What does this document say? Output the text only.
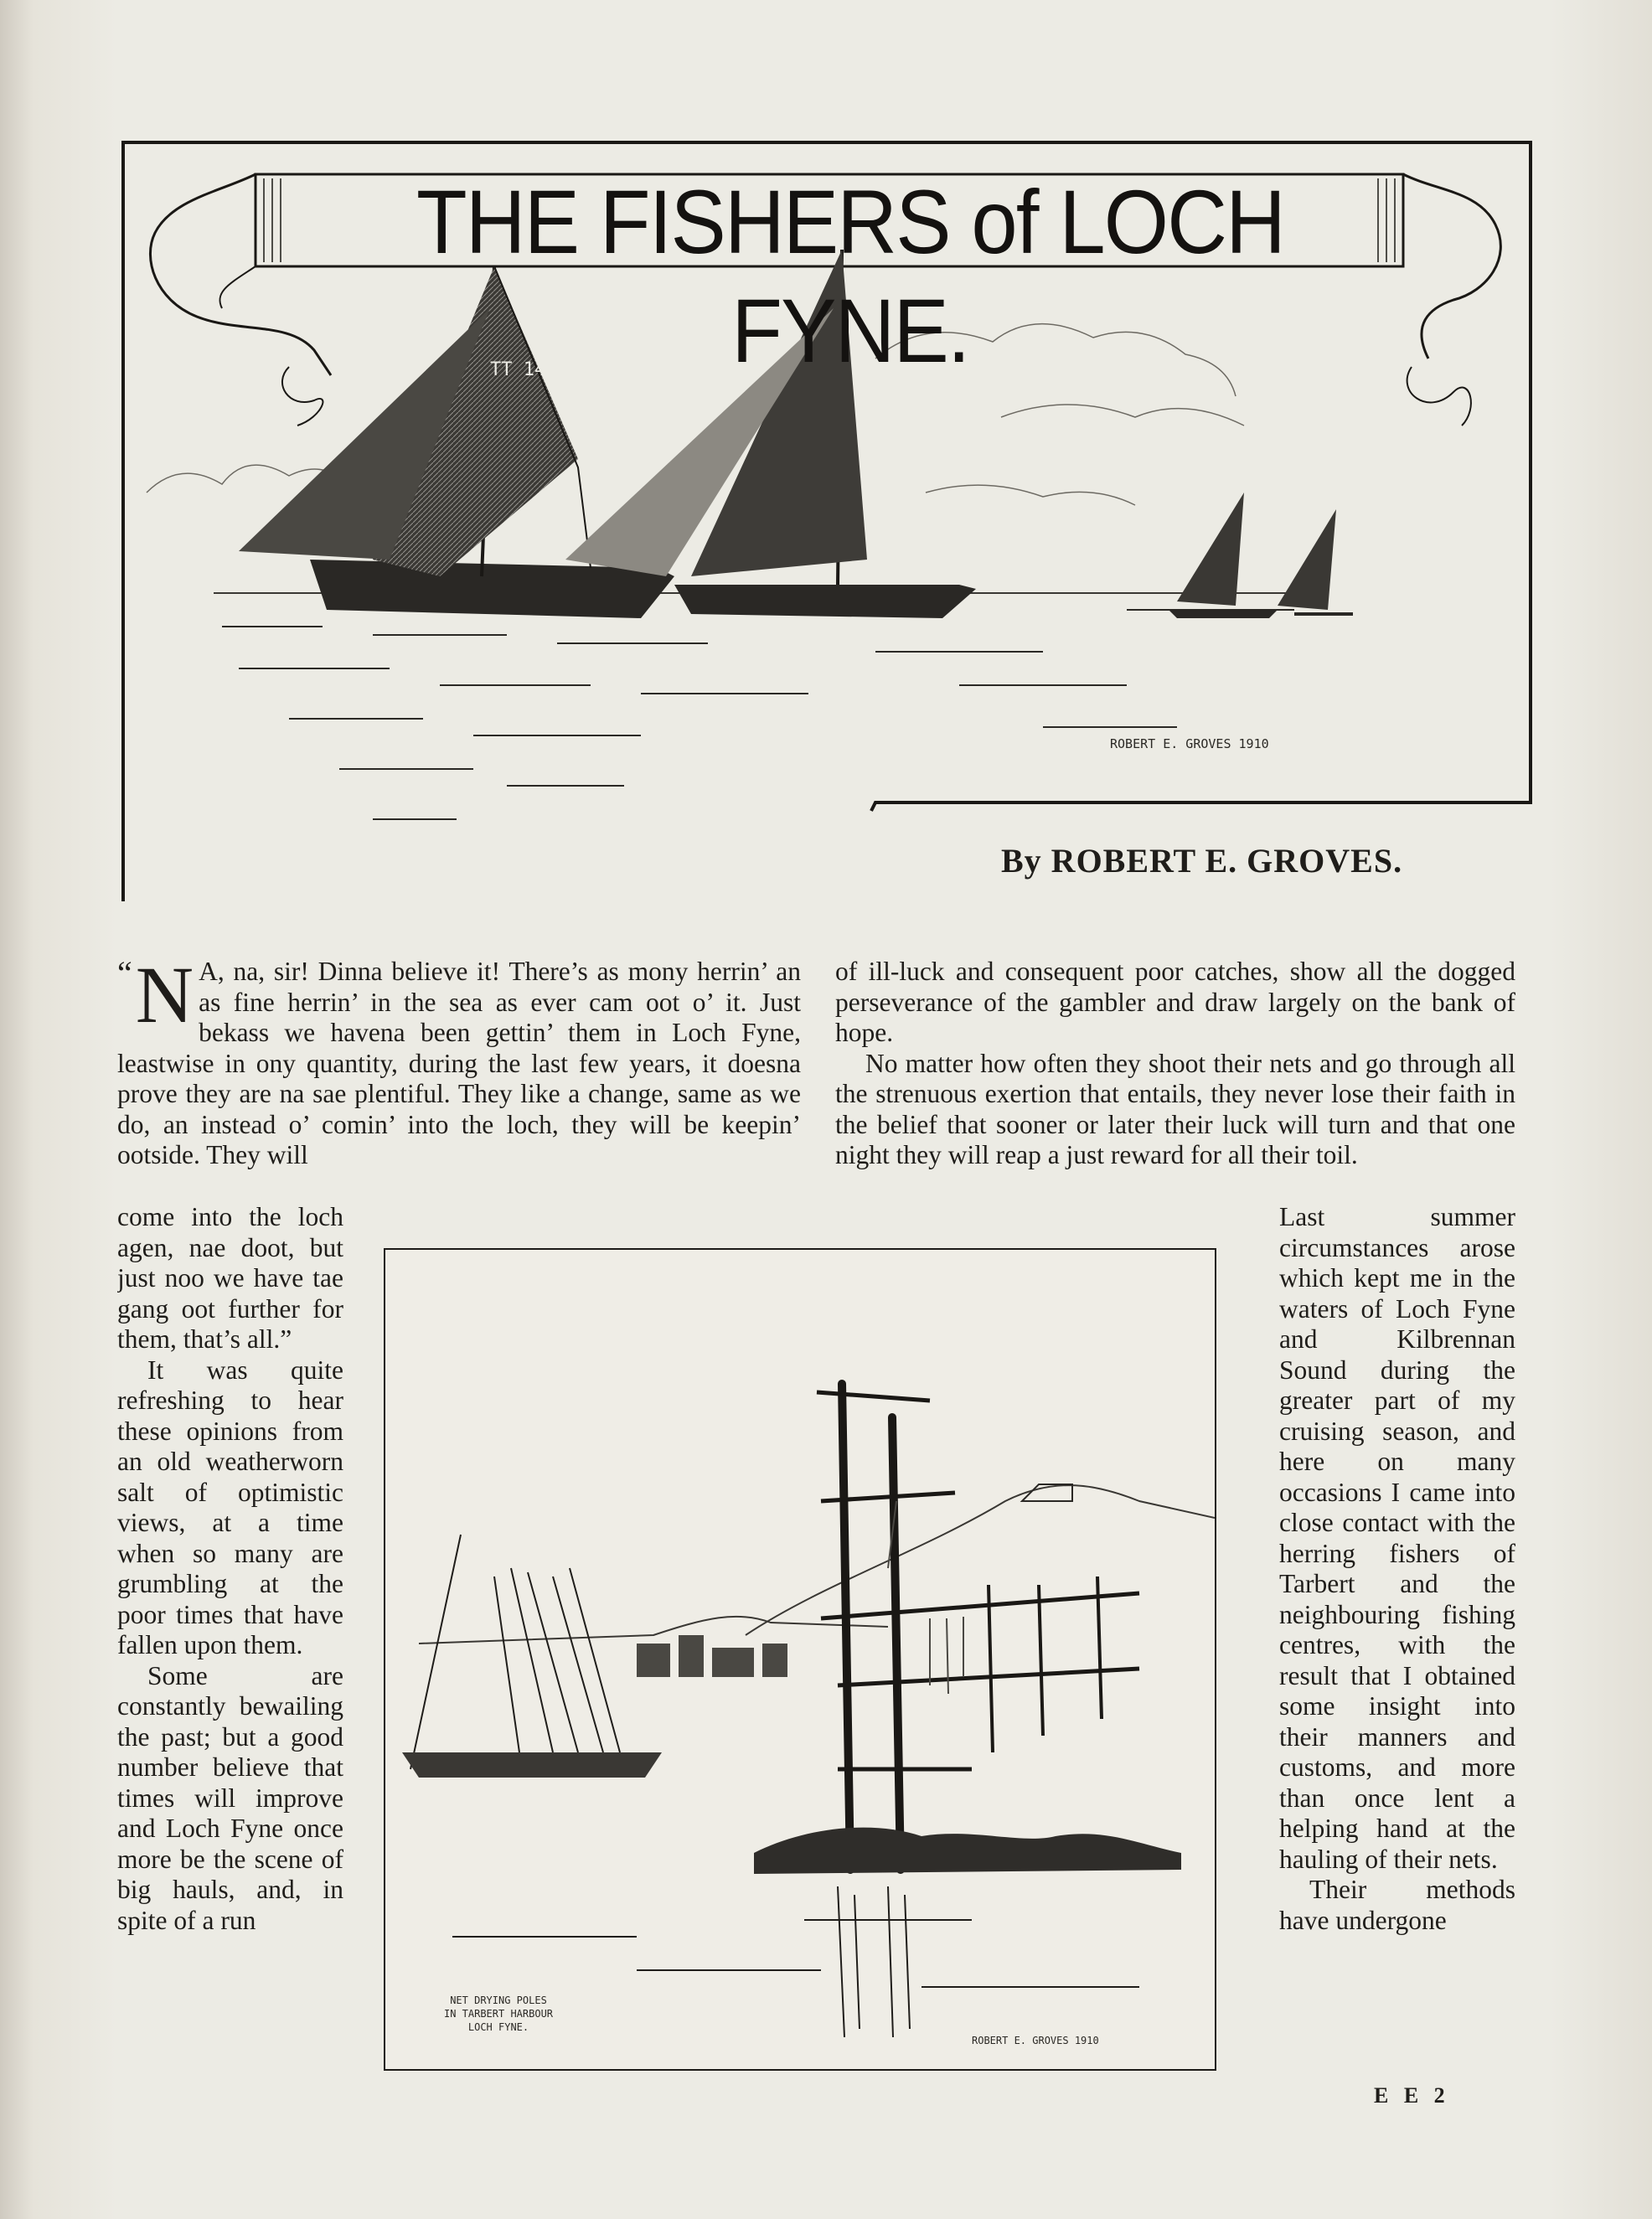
TT 143
ROBERT E. GROVES 1910
THE FISHERS of LOCH FYNE.
By ROBERT E. GROVES.

“ N A, na, sir! Dinna believe it! There’s as mony herrin’ an as fine herrin’ in the sea as ever cam oot o’ it. Just bekass we havena been gettin’ them in Loch Fyne, leastwise in ony quantity, during the last few years, it doesna prove they are na sae plentiful. They like a change, same as we do, an instead o’ comin’ into the loch, they will be keepin’ ootside. They will

of ill-luck and consequent poor catches, show all the dogged perseverance of the gambler and draw largely on the bank of hope.

No matter how often they shoot their nets and go through all the strenuous exertion that entails, they never lose their faith in the belief that sooner or later their luck will turn and that one night they will reap a just reward for all their toil.

come into the loch agen, nae doot, but just noo we have tae gang oot further for them, that’s all.”

It was quite refreshing to hear these opinions from an old weatherworn salt of optimistic views, at a time when so many are grumbling at the poor times that have fallen upon them.

Some are constantly bewailing the past; but a good number believe that times will improve and Loch Fyne once more be the scene of big hauls, and, in spite of a run

Last summer circumstances arose which kept me in the waters of Loch Fyne and Kilbrennan Sound during the greater part of my cruising season, and here on many occasions I came into close contact with the herring fishers of Tarbert and the neighbouring fishing centres, with the result that I obtained some insight into their manners and customs, and more than once lent a helping hand at the hauling of their nets.

Their methods have undergone

ROBERT E. GROVES 1910
NET DRYING POLES
IN TARBERT HARBOUR
LOCH FYNE.
E E 2
